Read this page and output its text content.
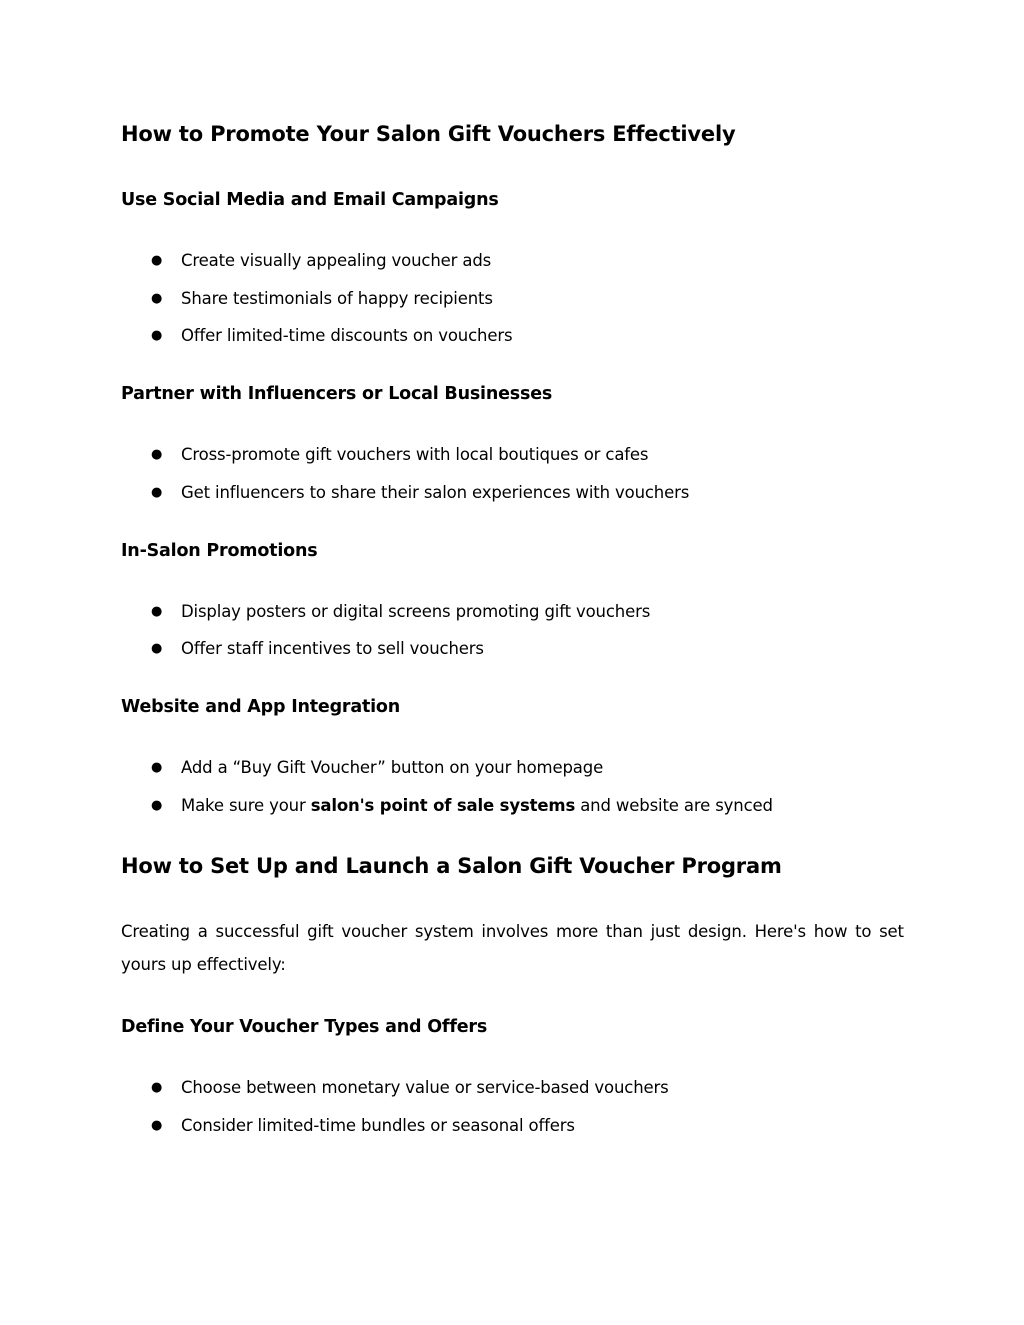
How to Promote Your Salon Gift Vouchers Effectively
Use Social Media and Email Campaigns
● Create visually appealing voucher ads
● Share testimonials of happy recipients
● Offer limited-time discounts on vouchers
Partner with Influencers or Local Businesses
● Cross-promote gift vouchers with local boutiques or cafes
● Get influencers to share their salon experiences with vouchers
In-Salon Promotions
● Display posters or digital screens promoting gift vouchers
● Offer staff incentives to sell vouchers
Website and App Integration
● Add a “Buy Gift Voucher” button on your homepage
● Make sure your salon's point of sale systems and website are synced
How to Set Up and Launch a Salon Gift Voucher Program
Creating a successful gift voucher system involves more than just design. Here's how to set
yours up effectively:
Define Your Voucher Types and Offers
● Choose between monetary value or service-based vouchers
● Consider limited-time bundles or seasonal offers
